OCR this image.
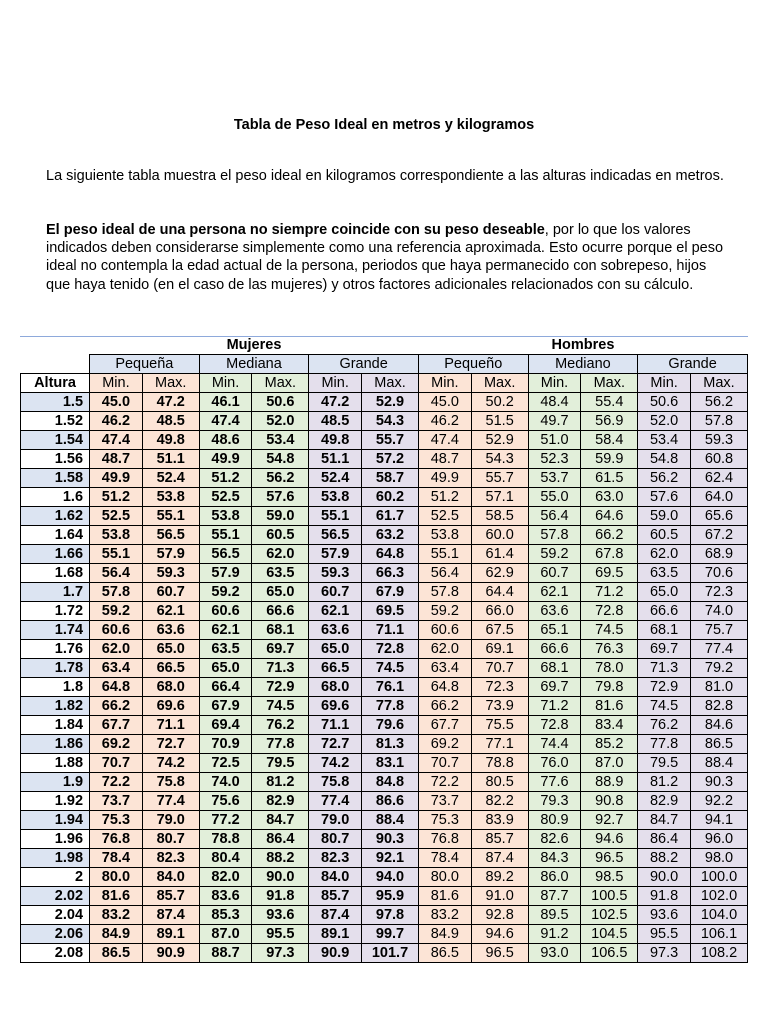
Tabla de Peso Ideal en metros y kilogramos

La siguiente tabla muestra el peso ideal en kilogramos correspondiente a las alturas indicadas en metros.

El peso ideal de una persona no siempre coincide con su peso deseable, por lo que los valores indicados deben considerarse simplemente como una referencia aproximada. Esto ocurre porque el peso ideal no contempla la edad actual de la persona, periodos que haya permanecido con sobrepeso, hijos que haya tenido (en el caso de las mujeres) y otros factores adicionales relacionados con su cálculo.

	Mujeres						Hombres					
	Pequeña		Mediana		Grande		Pequeño		Mediano		Grande	
Altura	Min.	Max.	Min.	Max.	Min.	Max.	Min.	Max.	Min.	Max.	Min.	Max.
1.5	45.0	47.2	46.1	50.6	47.2	52.9	45.0	50.2	48.4	55.4	50.6	56.2
1.52	46.2	48.5	47.4	52.0	48.5	54.3	46.2	51.5	49.7	56.9	52.0	57.8
1.54	47.4	49.8	48.6	53.4	49.8	55.7	47.4	52.9	51.0	58.4	53.4	59.3
1.56	48.7	51.1	49.9	54.8	51.1	57.2	48.7	54.3	52.3	59.9	54.8	60.8
1.58	49.9	52.4	51.2	56.2	52.4	58.7	49.9	55.7	53.7	61.5	56.2	62.4
1.6	51.2	53.8	52.5	57.6	53.8	60.2	51.2	57.1	55.0	63.0	57.6	64.0
1.62	52.5	55.1	53.8	59.0	55.1	61.7	52.5	58.5	56.4	64.6	59.0	65.6
1.64	53.8	56.5	55.1	60.5	56.5	63.2	53.8	60.0	57.8	66.2	60.5	67.2
1.66	55.1	57.9	56.5	62.0	57.9	64.8	55.1	61.4	59.2	67.8	62.0	68.9
1.68	56.4	59.3	57.9	63.5	59.3	66.3	56.4	62.9	60.7	69.5	63.5	70.6
1.7	57.8	60.7	59.2	65.0	60.7	67.9	57.8	64.4	62.1	71.2	65.0	72.3
1.72	59.2	62.1	60.6	66.6	62.1	69.5	59.2	66.0	63.6	72.8	66.6	74.0
1.74	60.6	63.6	62.1	68.1	63.6	71.1	60.6	67.5	65.1	74.5	68.1	75.7
1.76	62.0	65.0	63.5	69.7	65.0	72.8	62.0	69.1	66.6	76.3	69.7	77.4
1.78	63.4	66.5	65.0	71.3	66.5	74.5	63.4	70.7	68.1	78.0	71.3	79.2
1.8	64.8	68.0	66.4	72.9	68.0	76.1	64.8	72.3	69.7	79.8	72.9	81.0
1.82	66.2	69.6	67.9	74.5	69.6	77.8	66.2	73.9	71.2	81.6	74.5	82.8
1.84	67.7	71.1	69.4	76.2	71.1	79.6	67.7	75.5	72.8	83.4	76.2	84.6
1.86	69.2	72.7	70.9	77.8	72.7	81.3	69.2	77.1	74.4	85.2	77.8	86.5
1.88	70.7	74.2	72.5	79.5	74.2	83.1	70.7	78.8	76.0	87.0	79.5	88.4
1.9	72.2	75.8	74.0	81.2	75.8	84.8	72.2	80.5	77.6	88.9	81.2	90.3
1.92	73.7	77.4	75.6	82.9	77.4	86.6	73.7	82.2	79.3	90.8	82.9	92.2
1.94	75.3	79.0	77.2	84.7	79.0	88.4	75.3	83.9	80.9	92.7	84.7	94.1
1.96	76.8	80.7	78.8	86.4	80.7	90.3	76.8	85.7	82.6	94.6	86.4	96.0
1.98	78.4	82.3	80.4	88.2	82.3	92.1	78.4	87.4	84.3	96.5	88.2	98.0
2	80.0	84.0	82.0	90.0	84.0	94.0	80.0	89.2	86.0	98.5	90.0	100.0
2.02	81.6	85.7	83.6	91.8	85.7	95.9	81.6	91.0	87.7	100.5	91.8	102.0
2.04	83.2	87.4	85.3	93.6	87.4	97.8	83.2	92.8	89.5	102.5	93.6	104.0
2.06	84.9	89.1	87.0	95.5	89.1	99.7	84.9	94.6	91.2	104.5	95.5	106.1
2.08	86.5	90.9	88.7	97.3	90.9	101.7	86.5	96.5	93.0	106.5	97.3	108.2
